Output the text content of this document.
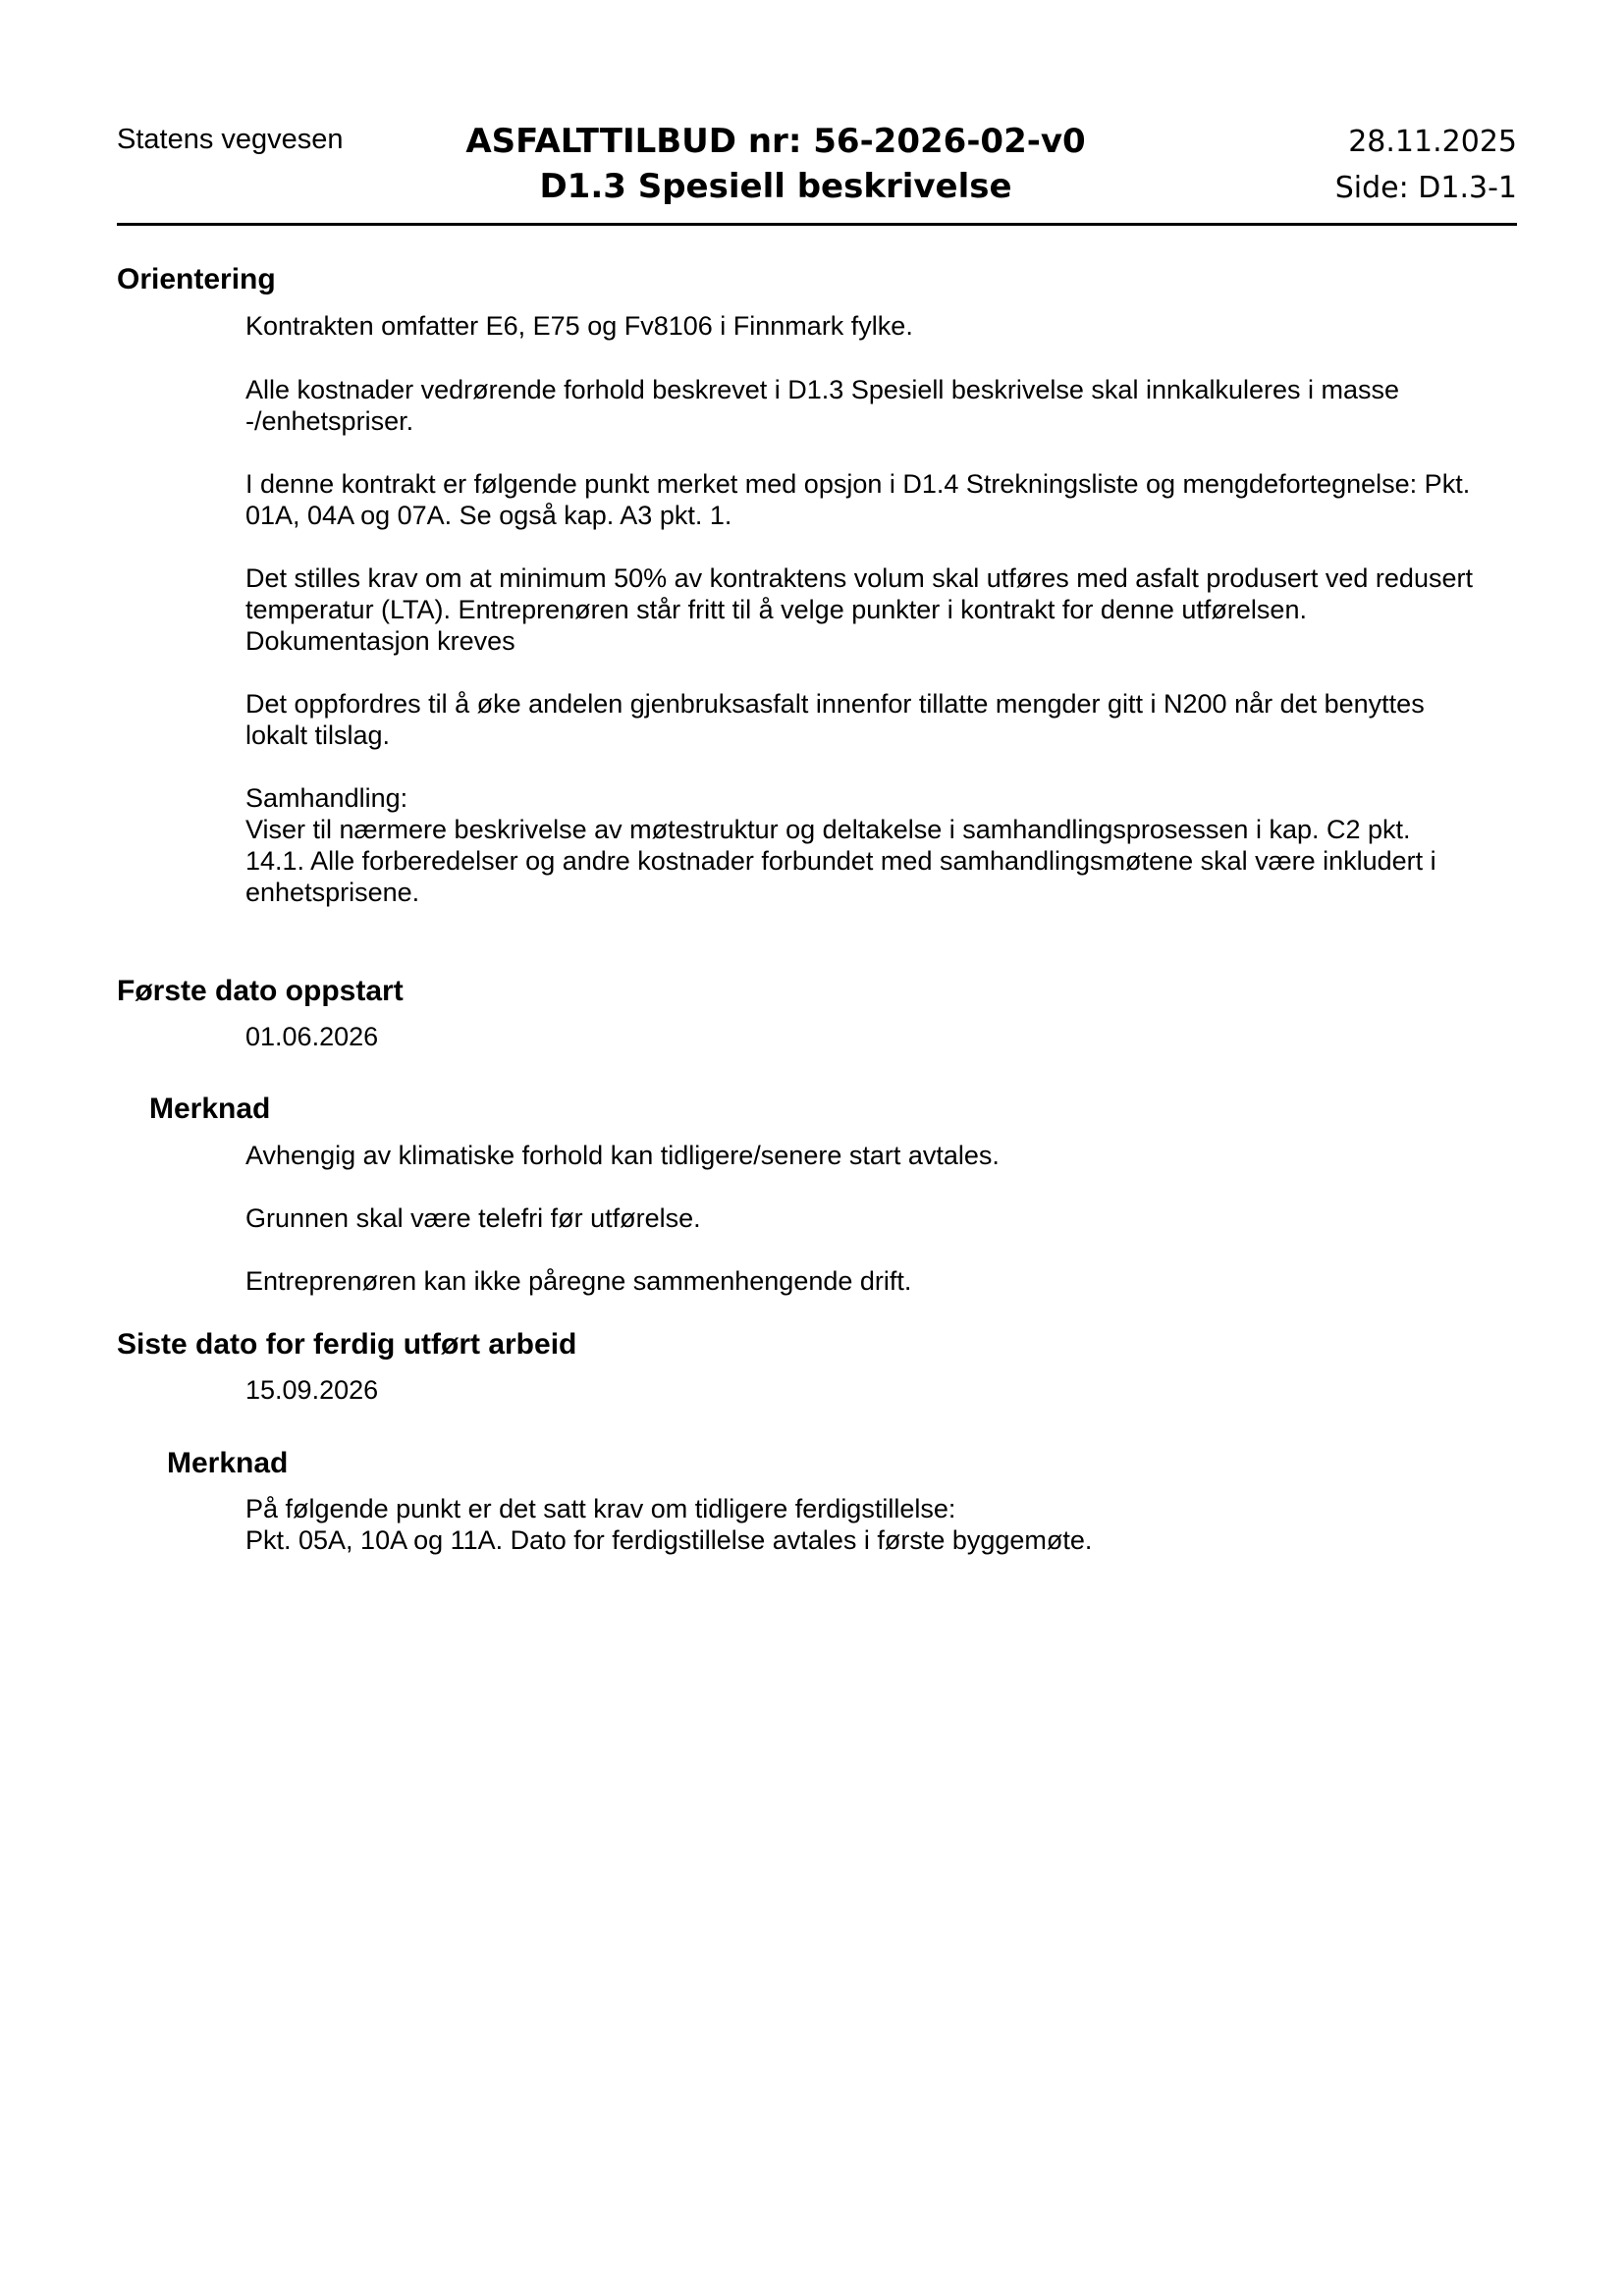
Statens vegvesen	ASFALTTILBUD nr: 56-2026-02-v0
D1.3 Spesiell beskrivelse
28.11.2025
Side: D1.3-1
Orientering

Kontrakten omfatter E6, E75 og Fv8106 i Finnmark fylke.

Alle kostnader vedrørende forhold beskrevet i D1.3 Spesiell beskrivelse skal innkalkuleres i masse
-/enhetspriser.

I denne kontrakt er følgende punkt merket med opsjon i D1.4 Strekningsliste og mengdefortegnelse: Pkt.
01A, 04A og 07A. Se også kap. A3 pkt. 1.

Det stilles krav om at minimum 50% av kontraktens volum skal utføres med asfalt produsert ved redusert
temperatur (LTA). Entreprenøren står fritt til å velge punkter i kontrakt for denne utførelsen.
Dokumentasjon kreves

Det oppfordres til å øke andelen gjenbruksasfalt innenfor tillatte mengder gitt i N200 når det benyttes
lokalt tilslag.

Samhandling:
Viser til nærmere beskrivelse av møtestruktur og deltakelse i samhandlingsprosessen i kap. C2 pkt.
14.1. Alle forberedelser og andre kostnader forbundet med samhandlingsmøtene skal være inkludert i
enhetsprisene.

Første dato oppstart

01.06.2026

Merknad

Avhengig av klimatiske forhold kan tidligere/senere start avtales.

Grunnen skal være telefri før utførelse.

Entreprenøren kan ikke påregne sammenhengende drift.

Siste dato for ferdig utført arbeid

15.09.2026

Merknad

På følgende punkt er det satt krav om tidligere ferdigstillelse:
Pkt. 05A, 10A og 11A. Dato for ferdigstillelse avtales i første byggemøte.
